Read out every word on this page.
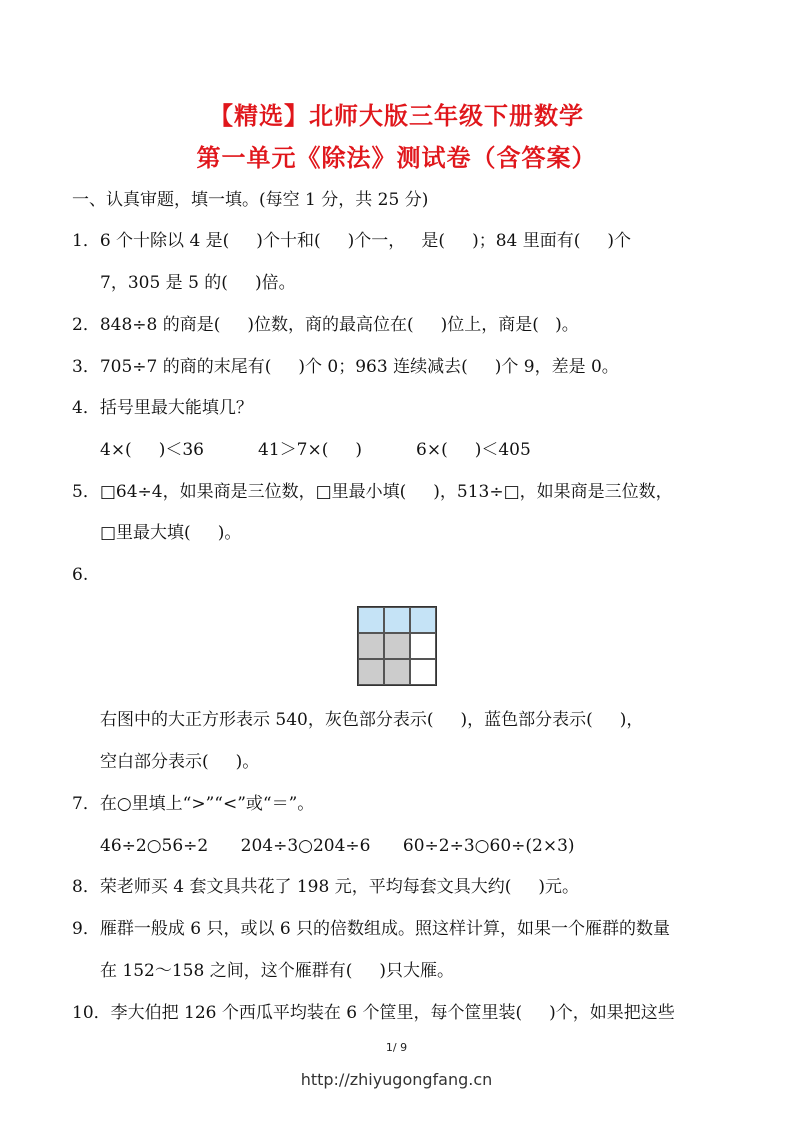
【精选】北师大版三年级下册数学
第一单元《除法》测试卷（含答案）
一、认真审题，填一填。(每空 1 分，共 25 分)
1．6 个十除以 4 是(     )个十和(     )个一，   是(     )；84 里面有(     )个
7，305 是 5 的(     )倍。
2．848÷8 的商是(     )位数，商的最高位在(     )位上，商是(   )。
3．705÷7 的商的末尾有(     )个 0；963 连续减去(     )个 9，差是 0。
4．括号里最大能填几？
4×(     )＜36          41＞7×(     )          6×(     )＜405
5．□64÷4，如果商是三位数，□里最小填(     )，513÷□，如果商是三位数，
□里最大填(     )。
6.
右图中的大正方形表示 540，灰色部分表示(     )，蓝色部分表示(     )，
空白部分表示(     )。
7．在○里填上“>”“<”或“＝”。
46÷2○56÷2      204÷3○204÷6      60÷2÷3○60÷(2×3)
8．荣老师买 4 套文具共花了 198 元，平均每套文具大约(     )元。
9．雁群一般成 6 只，或以 6 只的倍数组成。照这样计算，如果一个雁群的数量
在 152～158 之间，这个雁群有(     )只大雁。
10．李大伯把 126 个西瓜平均装在 6 个筐里，每个筐里装(     )个，如果把这些
1/ 9
http://zhiyugongfang.cn
